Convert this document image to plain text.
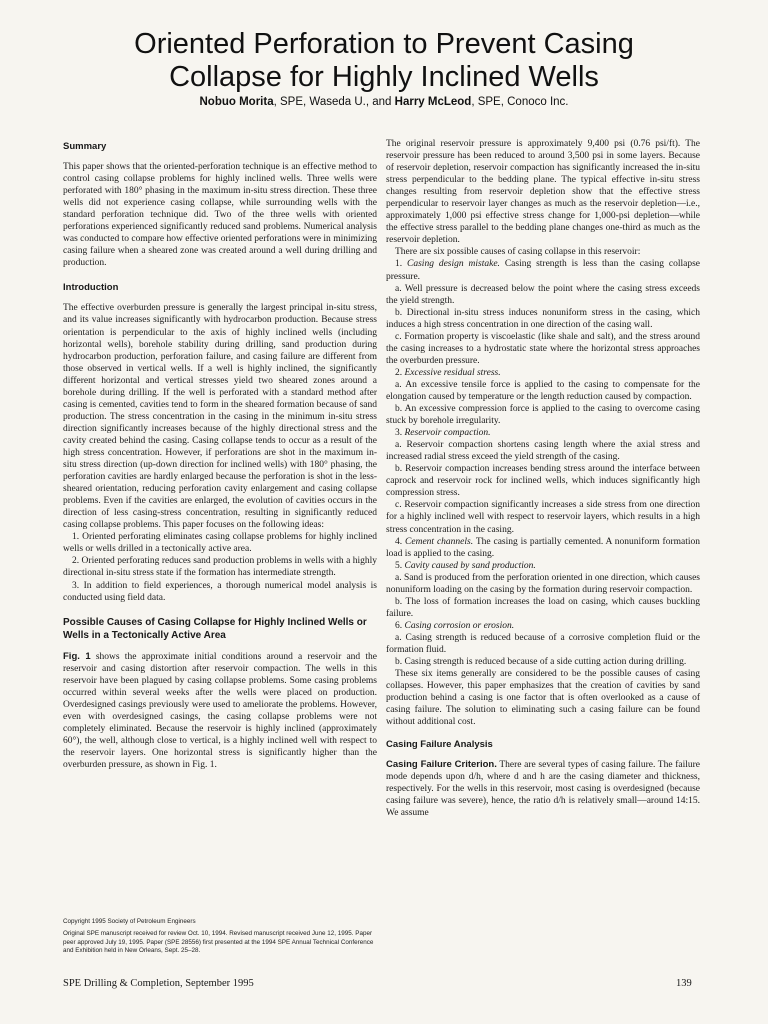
Oriented Perforation to Prevent Casing
Collapse for Highly Inclined Wells
Nobuo Morita, SPE, Waseda U., and Harry McLeod, SPE, Conoco Inc.
Summary

This paper shows that the oriented-perforation technique is an effective method to control casing collapse problems for highly inclined wells. Three wells were perforated with 180° phasing in the maximum in-situ stress direction. These three wells did not experience casing collapse, while surrounding wells with the standard perforation technique did. Two of the three wells with oriented perforations experienced significantly reduced sand problems. Numerical analysis was conducted to compare how effective oriented perforations were in minimizing casing failure when a sheared zone was created around a well during drilling and production.

Introduction

The effective overburden pressure is generally the largest principal in-situ stress, and its value increases significantly with hydrocarbon production. Because stress orientation is perpendicular to the axis of highly inclined wells (including horizontal wells), borehole stability during drilling, sand production during hydrocarbon production, perforation failure, and casing failure are different from those observed in vertical wells. If a well is highly inclined, the significantly different horizontal and vertical stresses yield two sheared zones around a borehole during drilling. If the well is perforated with a standard method after casing is cemented, cavities tend to form in the sheared formation because of sand production. The stress concentration in the casing in the minimum in-situ stress direction significantly increases because of the highly directional stress and the cavity created behind the casing. Casing collapse tends to occur as a result of the high stress concentration. However, if perforations are shot in the maximum in-situ stress direction (up-down direction for inclined wells) with 180° phasing, the perforation cavities are hardly enlarged because the perforation is shot in the less-sheared orientation, reducing perforation cavity enlargement and casing collapse problems. Even if the cavities are enlarged, the evolution of cavities occurs in the direction of less casing-stress concentration, resulting in significantly reduced casing collapse problems. This paper focuses on the following ideas:

1. Oriented perforating eliminates casing collapse problems for highly inclined wells or wells drilled in a tectonically active area.

2. Oriented perforating reduces sand production problems in wells with a highly directional in-situ stress state if the formation has intermediate strength.

3. In addition to field experiences, a thorough numerical model analysis is conducted using field data.

Possible Causes of Casing Collapse for Highly Inclined Wells or Wells in a Tectonically Active Area

Fig. 1 shows the approximate initial conditions around a reservoir and the reservoir and casing distortion after reservoir compaction. The wells in this reservoir have been plagued by casing collapse problems. Some casing problems occurred within several weeks after the wells were placed on production. Overdesigned casings previously were used to ameliorate the problems. However, even with overdesigned casings, the casing collapse problems were not completely eliminated. Because the reservoir is highly inclined (approximately 60°), the well, although close to vertical, is a highly inclined well with respect to the reservoir layers. One horizontal stress is significantly higher than the overburden pressure, as shown in Fig. 1.

Copyright 1995 Society of Petroleum Engineers

Original SPE manuscript received for review Oct. 10, 1994. Revised manuscript received June 12, 1995. Paper peer approved July 19, 1995. Paper (SPE 28556) first presented at the 1994 SPE Annual Technical Conference and Exhibition held in New Orleans, Sept. 25–28.

The original reservoir pressure is approximately 9,400 psi (0.76 psi/ft). The reservoir pressure has been reduced to around 3,500 psi in some layers. Because of reservoir depletion, reservoir compaction has significantly increased the in-situ stress perpendicular to the bedding plane. The typical effective in-situ stress changes resulting from reservoir depletion show that the effective stress perpendicular to reservoir layer changes as much as the reservoir depletion—i.e., approximately 1,000 psi effective stress change for 1,000-psi depletion—while the effective stress parallel to the bedding plane changes one-third as much as the reservoir depletion.

There are six possible causes of casing collapse in this reservoir:

1. Casing design mistake. Casing strength is less than the casing collapse pressure.

a. Well pressure is decreased below the point where the casing stress exceeds the yield strength.

b. Directional in-situ stress induces nonuniform stress in the casing, which induces a high stress concentration in one direction of the casing wall.

c. Formation property is viscoelastic (like shale and salt), and the stress around the casing increases to a hydrostatic state where the horizontal stress approaches the overburden pressure.

2. Excessive residual stress.

a. An excessive tensile force is applied to the casing to compensate for the elongation caused by temperature or the length reduction caused by compaction.

b. An excessive compression force is applied to the casing to overcome casing stuck by borehole irregularity.

3. Reservoir compaction.

a. Reservoir compaction shortens casing length where the axial stress and increased radial stress exceed the yield strength of the casing.

b. Reservoir compaction increases bending stress around the interface between caprock and reservoir rock for inclined wells, which induces significantly high compression stress.

c. Reservoir compaction significantly increases a side stress from one direction for a highly inclined well with respect to reservoir layers, which results in a high stress concentration in the casing.

4. Cement channels. The casing is partially cemented. A nonuniform formation load is applied to the casing.

5. Cavity caused by sand production.

a. Sand is produced from the perforation oriented in one direction, which causes nonuniform loading on the casing by the formation during reservoir compaction.

b. The loss of formation increases the load on casing, which causes buckling failure.

6. Casing corrosion or erosion.

a. Casing strength is reduced because of a corrosive completion fluid or the formation fluid.

b. Casing strength is reduced because of a side cutting action during drilling.

These six items generally are considered to be the possible causes of casing collapses. However, this paper emphasizes that the creation of cavities by sand production behind a casing is one factor that is often overlooked as a cause of casing failure. The solution to eliminating such a casing failure can be found without additional cost.

Casing Failure Analysis

Casing Failure Criterion. There are several types of casing failure. The failure mode depends upon d/h, where d and h are the casing diameter and thickness, respectively. For the wells in this reservoir, most casing is overdesigned (because casing failure was severe), hence, the ratio d/h is relatively small—around 14:15. We assume

SPE Drilling & Completion, September 1995	139
